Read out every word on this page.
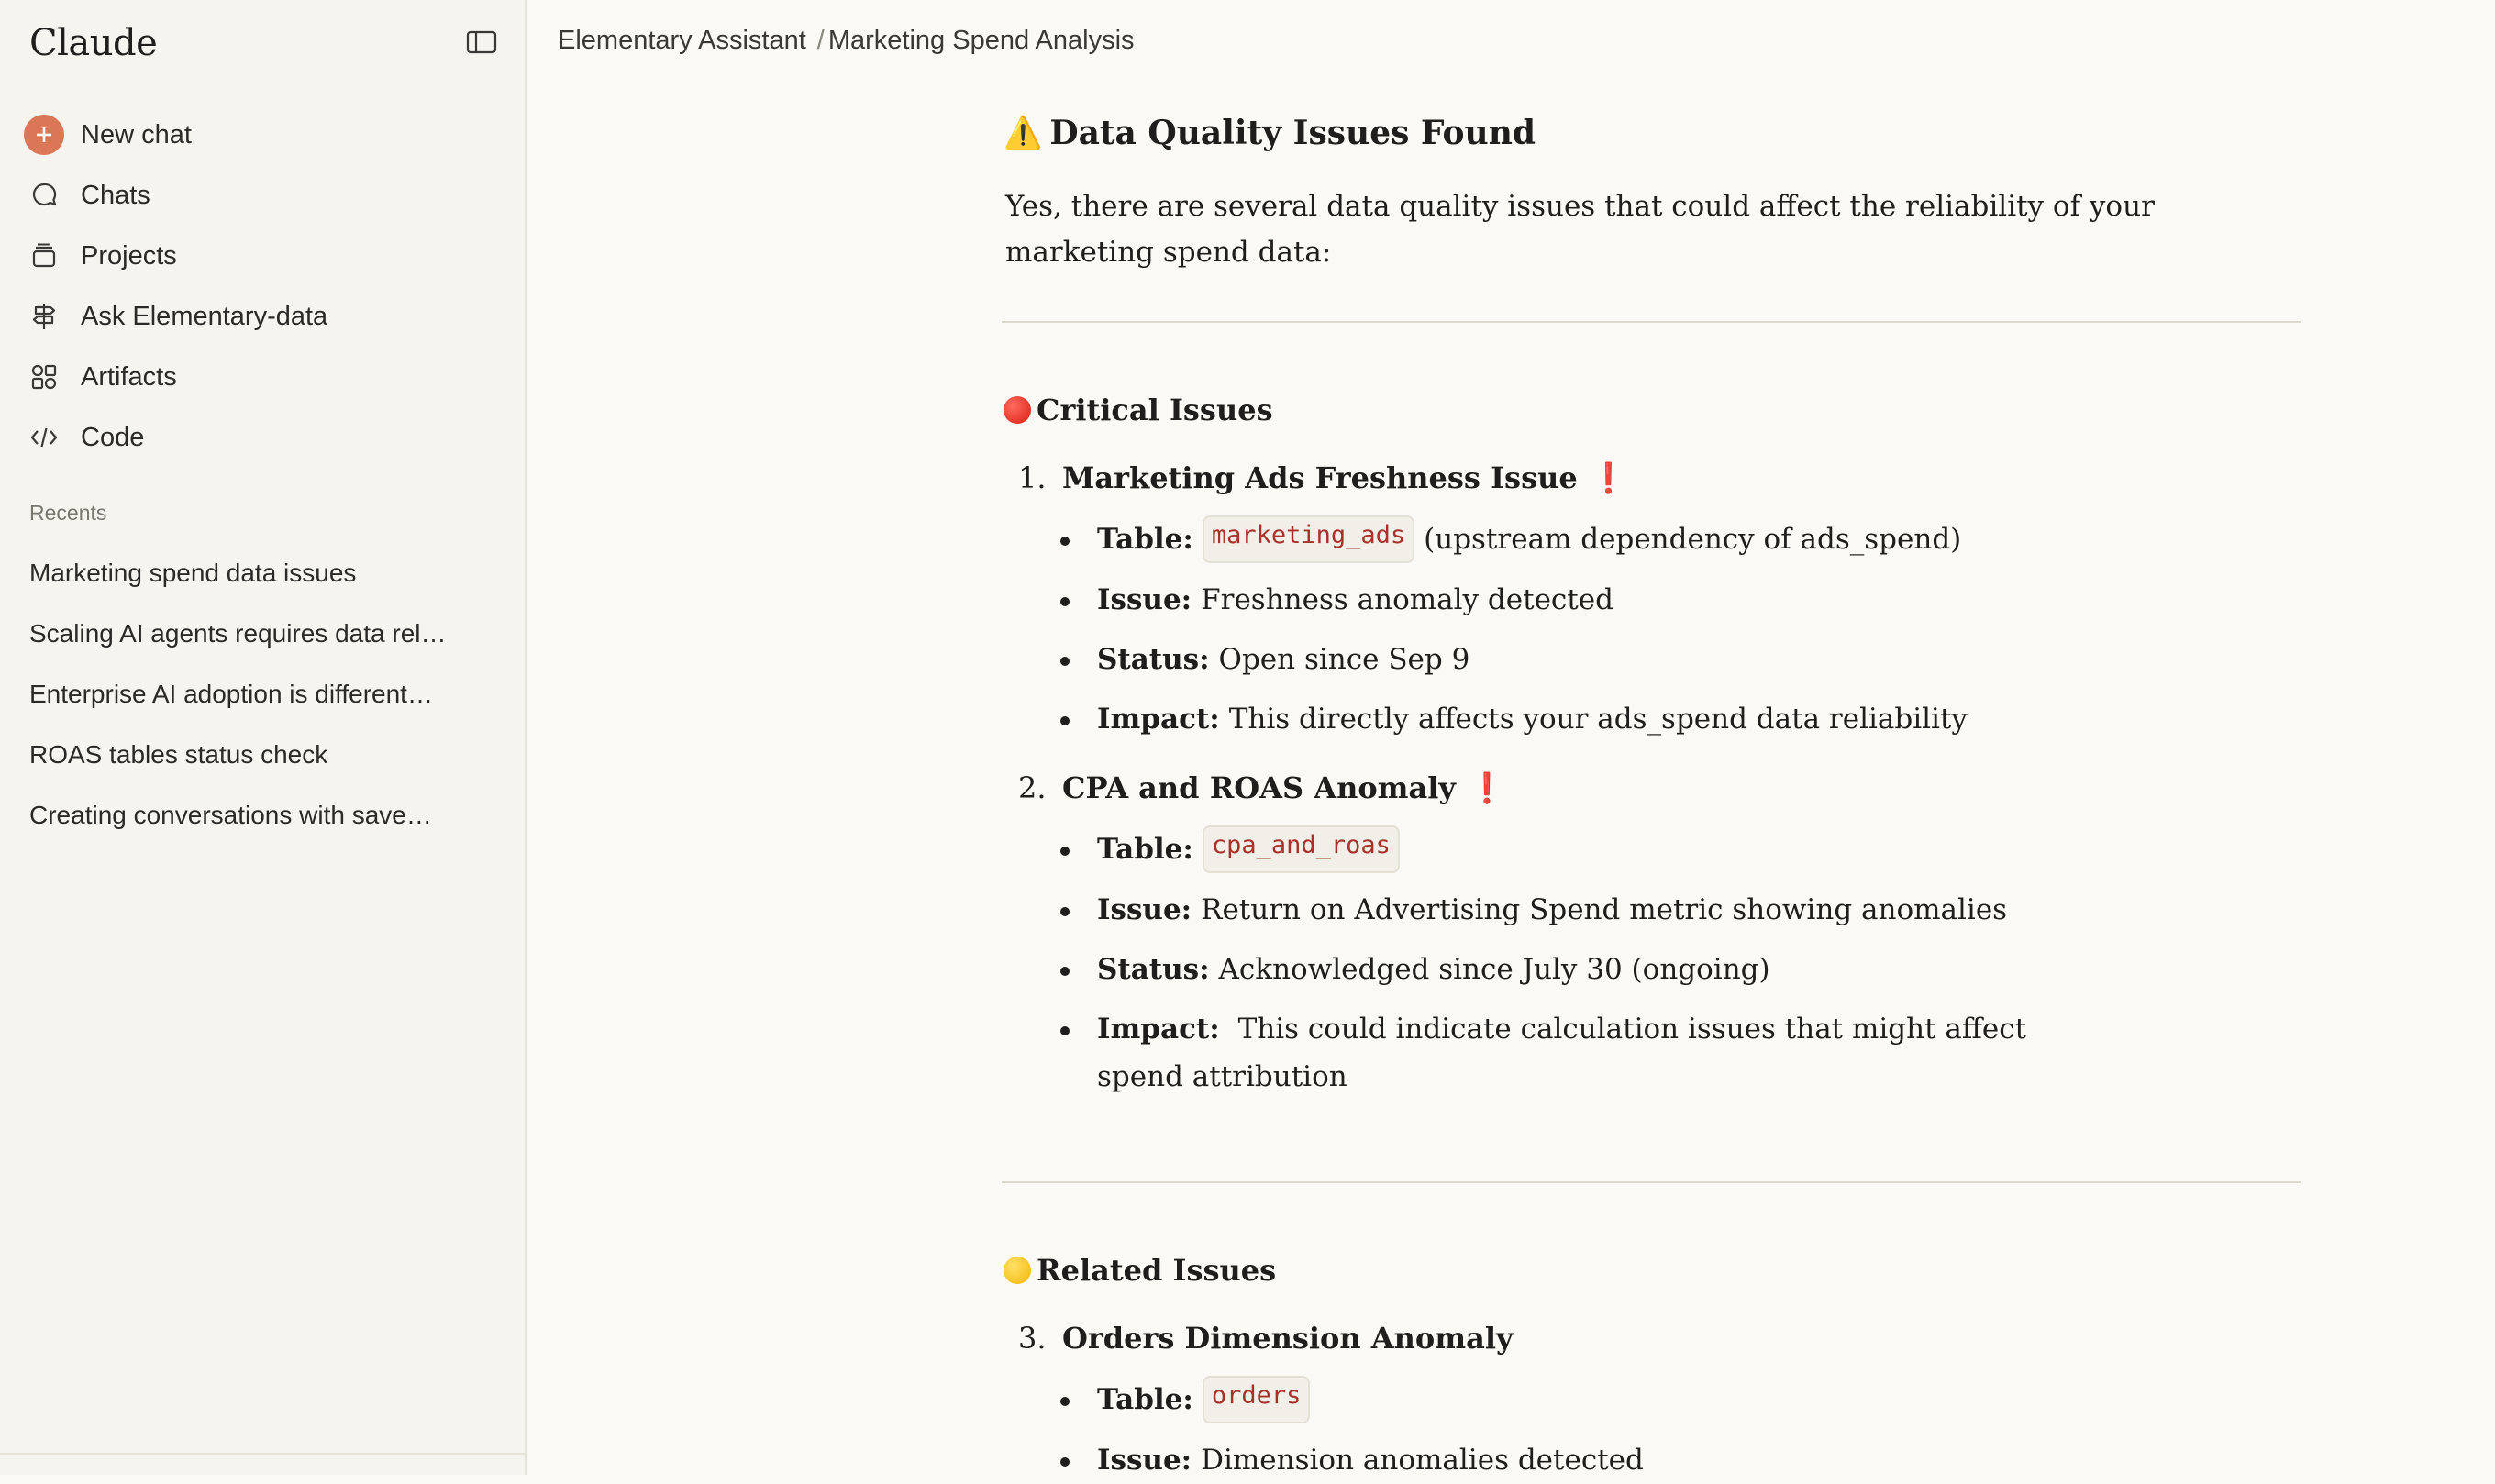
Claude
New chat
Chats
Projects
Ask Elementary-data
Artifacts
Code
Recents
Marketing spend data issues
Scaling AI agents requires data rel…
Enterprise AI adoption is different…
ROAS tables status check
Creating conversations with save…
Elementary Assistant / Marketing Spend Analysis
⚠️ Data Quality Issues Found
Yes, there are several data quality issues that could affect the reliability of your marketing spend data:
Critical Issues
1. Marketing Ads Freshness Issue ❗
Table: marketing_ads (upstream dependency of ads_spend)
Issue: Freshness anomaly detected
Status: Open since Sep 9
Impact: This directly affects your ads_spend data reliability
2. CPA and ROAS Anomaly ❗
Table: cpa_and_roas
Issue: Return on Advertising Spend metric showing anomalies
Status: Acknowledged since July 30 (ongoing)
Impact: This could indicate calculation issues that might affect spend attribution
Related Issues
3. Orders Dimension Anomaly
Table: orders
Issue: Dimension anomalies detected
